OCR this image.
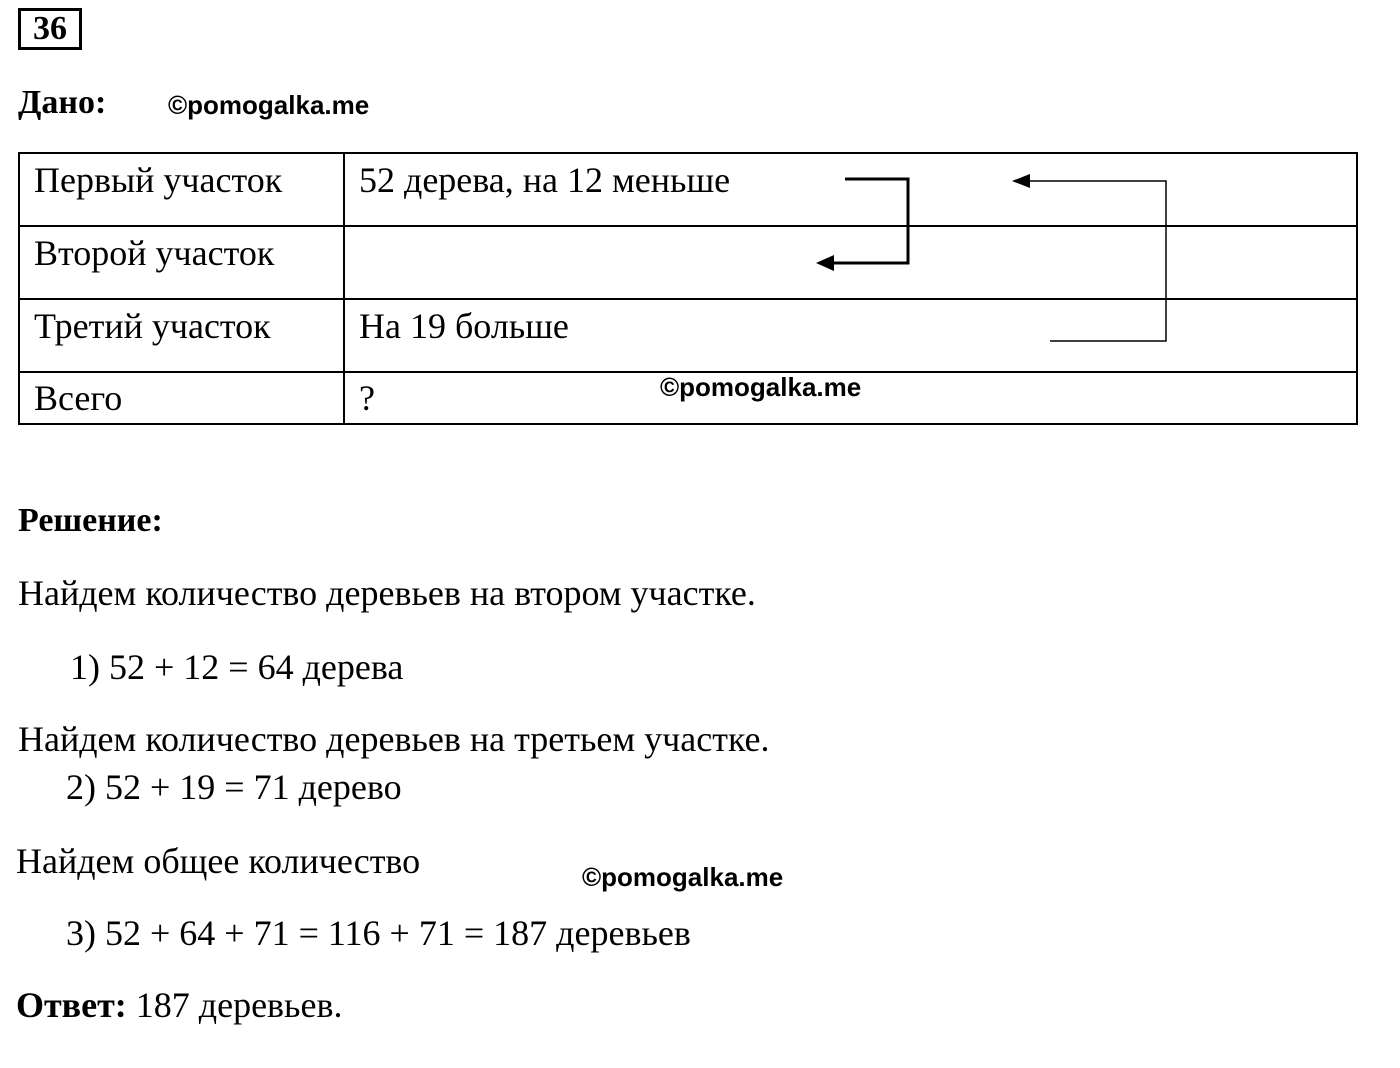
36
Дано: ©pomogalka.me
Первый участок	52 дерева, на 12 меньше
Второй участок	
Третий участок	На 19 больше
Всего	?	©pomogalka.me
Решение:
Найдем количество деревьев на втором участке.
1) 52 + 12 = 64 дерева
Найдем количество деревьев на третьем участке.
2) 52 + 19 = 71 дерево
Найдем общее количество	©pomogalka.me
3) 52 + 64 + 71 = 116 + 71 = 187 деревьев
Ответ: 187 деревьев.
